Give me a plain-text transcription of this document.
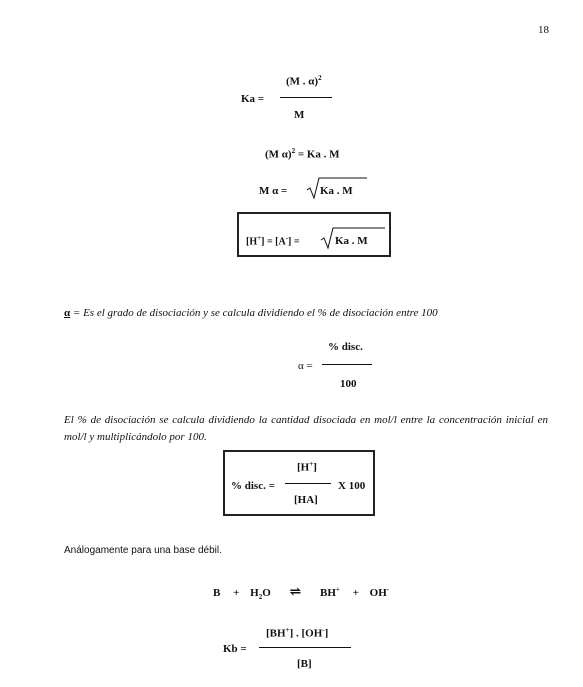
18
Ka =
(M . α)$^2$
M
(M α)$^2$ = Ka . M
M α =	Ka . M
[H+] = [A-] =	Ka . M
α = Es el grado de disociación y se calcula dividiendo el % de disociación entre 100
α =
% disc.
100
El % de disociación se calcula dividiendo la cantidad disociada en mol/l entre la concentración inicial en mol/l y multiplicándolo por 100.
% disc. =
[H+]
[HA]
X 100
Análogamente para una base débil.
$B + H_2O$ ⇌ BH+ + OH-
Kb =
[BH+] . [OH-]
[B]
